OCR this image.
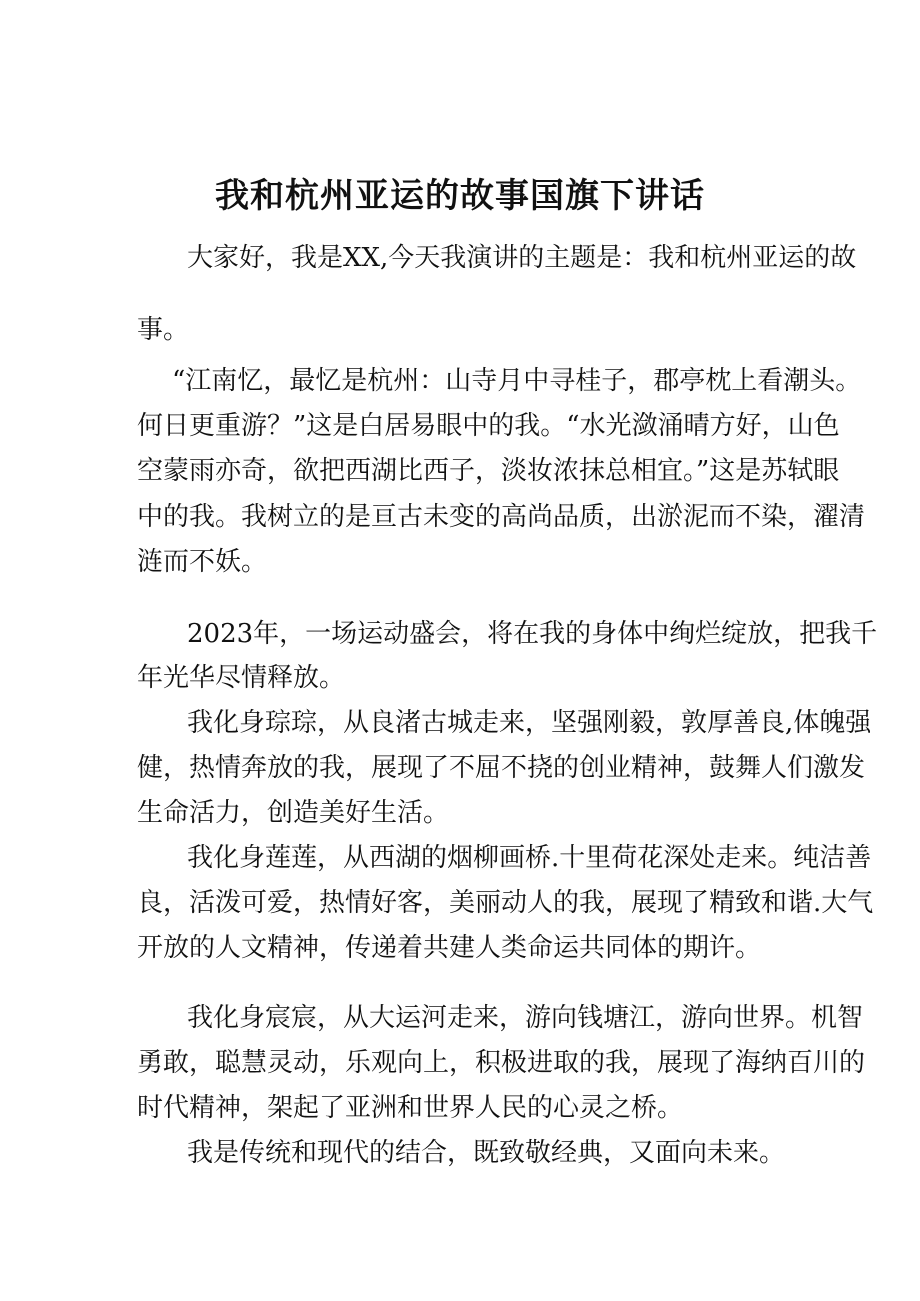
我和杭州亚运的故事国旗下讲话
大家好，我是XX,今天我演讲的主题是：我和杭州亚运的故
事。
“江南忆，最忆是杭州：山寺月中寻桂子，郡亭枕上看潮头。
何日更重游？”这是白居易眼中的我。“水光潋涌晴方好，山色
空蒙雨亦奇，欲把西湖比西子，淡妆浓抹总相宜。”这是苏轼眼
中的我。我树立的是亘古未变的高尚品质，出淤泥而不染，濯清
涟而不妖。
2023年，一场运动盛会，将在我的身体中绚烂绽放，把我千
年光华尽情释放。
我化身琮琮，从良渚古城走来，坚强刚毅，敦厚善良,体魄强
健，热情奔放的我，展现了不屈不挠的创业精神，鼓舞人们激发
生命活力，创造美好生活。
我化身莲莲，从西湖的烟柳画桥.十里荷花深处走来。纯洁善
良，活泼可爱，热情好客，美丽动人的我，展现了精致和谐.大气
开放的人文精神，传递着共建人类命运共同体的期许。
我化身宸宸，从大运河走来，游向钱塘江，游向世界。机智
勇敢，聪慧灵动，乐观向上，积极进取的我，展现了海纳百川的
时代精神，架起了亚洲和世界人民的心灵之桥。
我是传统和现代的结合，既致敬经典，又面向未来。
